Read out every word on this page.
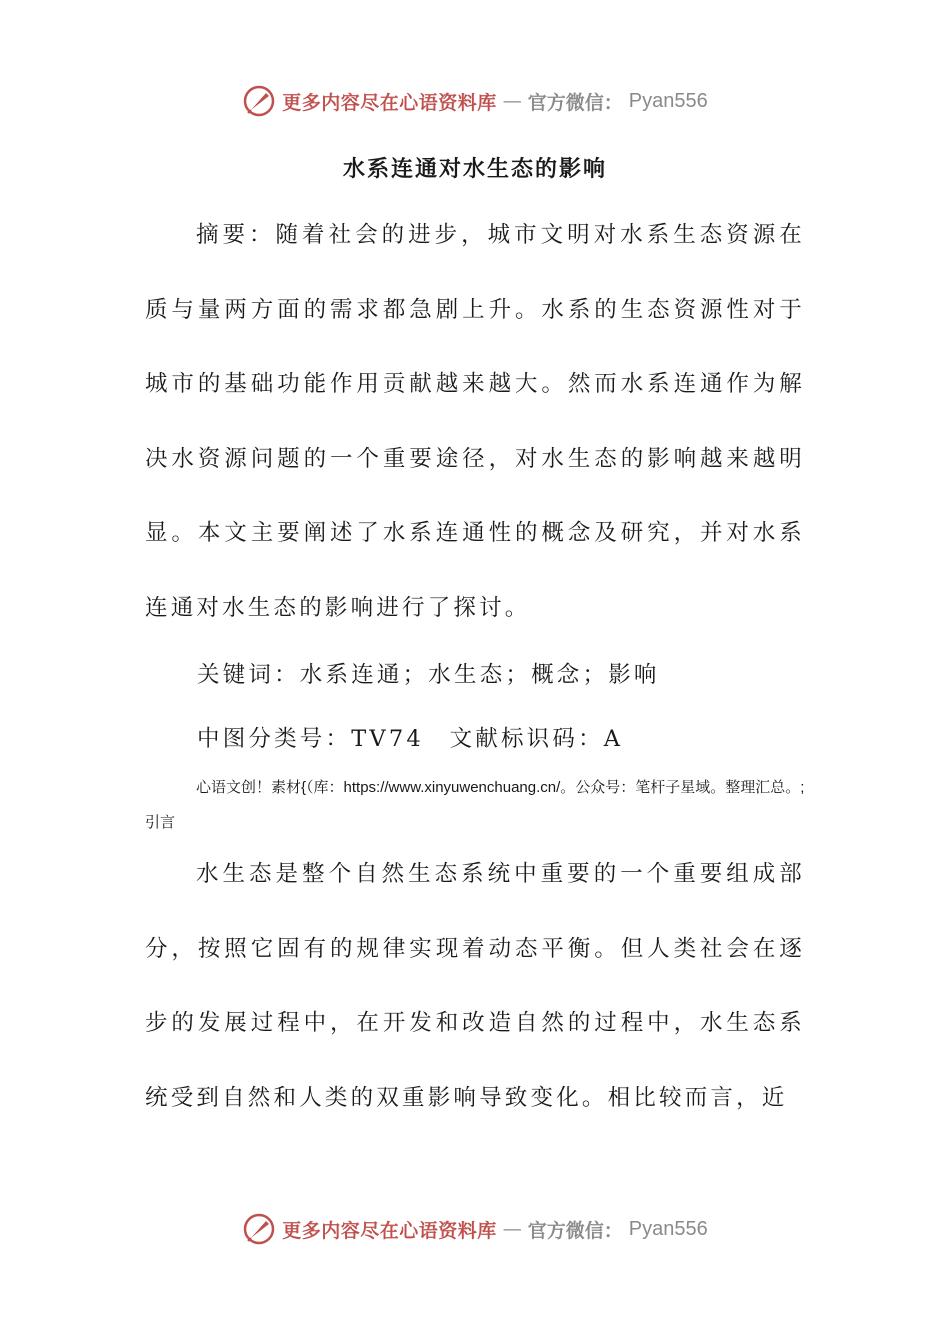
更多内容尽在心语资料库 — 官方微信： Pyan556
水系连通对水生态的影响

摘要：随着社会的进步，城市文明对水系生态资源在质与量两方面的需求都急剧上升。水系的生态资源性对于城市的基础功能作用贡献越来越大。然而水系连通作为解决水资源问题的一个重要途径，对水生态的影响越来越明显。本文主要阐述了水系连通性的概念及研究，并对水系连通对水生态的影响进行了探讨。

关键词：水系连通；水生态；概念；影响

中图分类号：TV74　文献标识码：A

心语文创！素材{（库：https://www.xinyuwenchuang.cn/。公众号：笔杆子星域。整理汇总。;引言

水生态是整个自然生态系统中重要的一个重要组成部分，按照它固有的规律实现着动态平衡。但人类社会在逐步的发展过程中，在开发和改造自然的过程中，水生态系统受到自然和人类的双重影响导致变化。相比较而言，近

更多内容尽在心语资料库 — 官方微信： Pyan556
